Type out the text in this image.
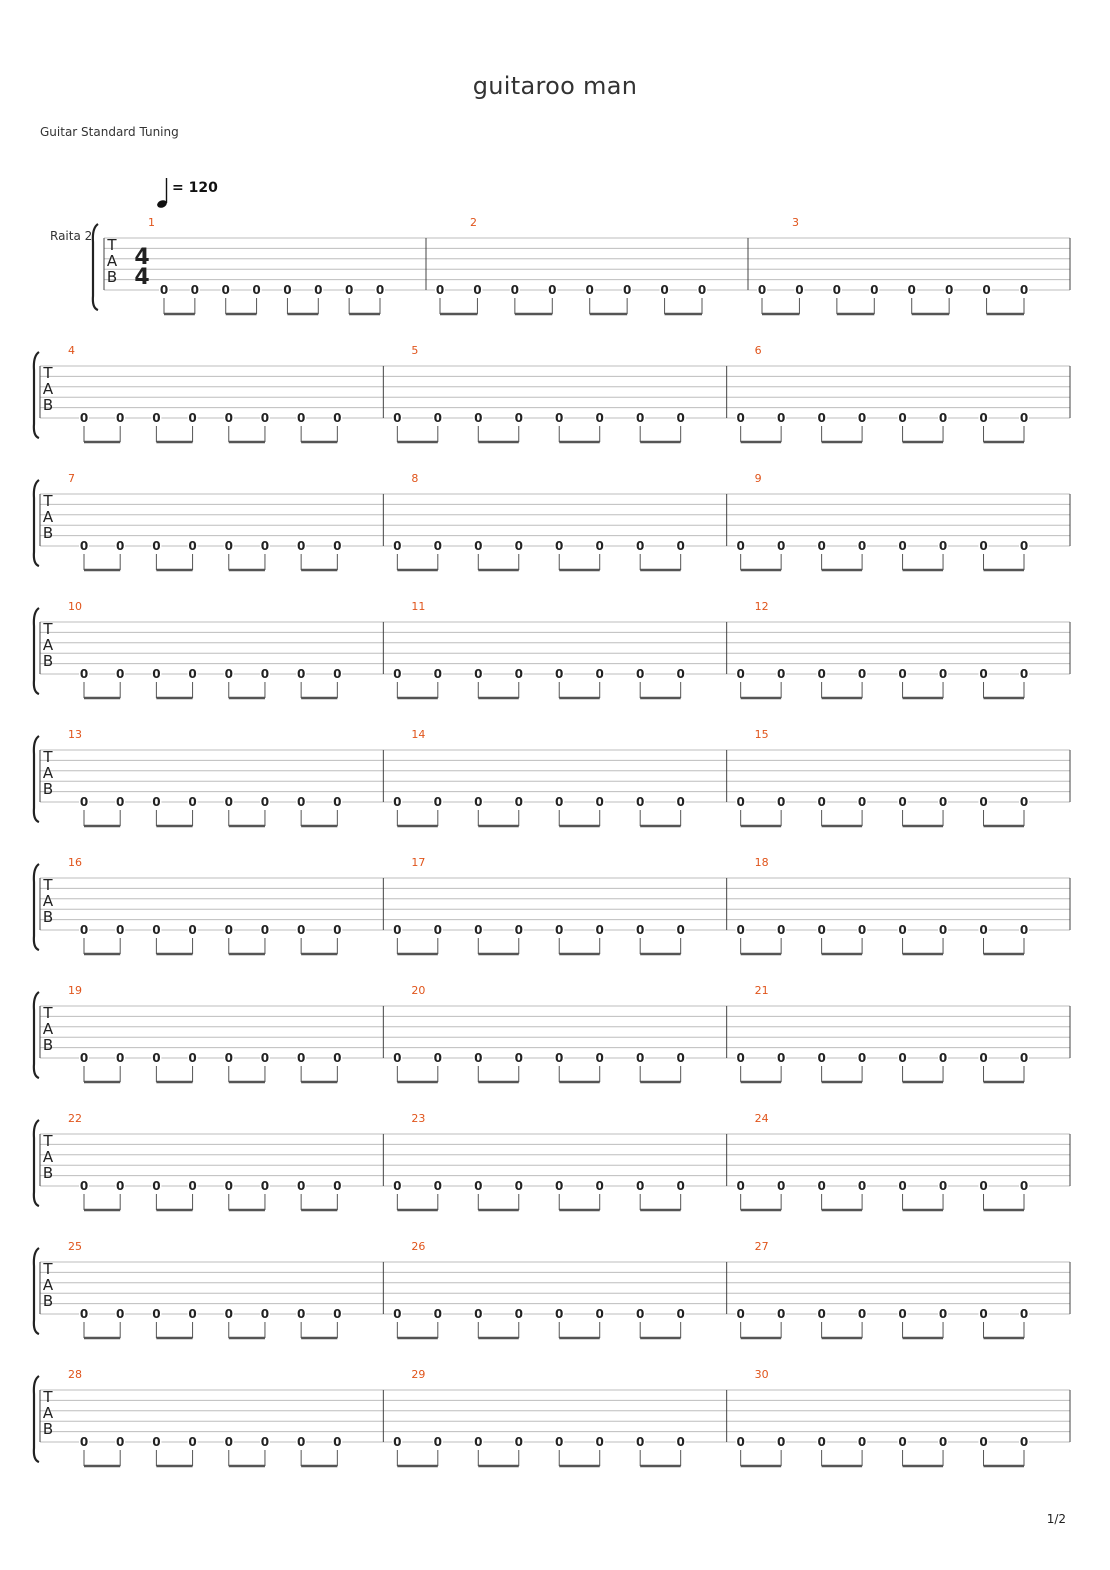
guitaroo man
Guitar Standard Tuning
= 120
T
A
B
Raita 2
4
4
1
0 0 0 0 0 0 0 0
2
0 0 0 0 0 0 0 0
3
0 0 0 0 0 0 0 0
T
A
B
4
0 0 0 0 0 0 0 0
5
0	0	0	0	0	0	0	0
6
0	0	0	0	0	0	0	0
T
A
B
7
0 0 0 0 0 0 0 0
8
0	0	0	0	0	0	0	0
9
0	0	0	0	0	0	0	0
T
A
B
10
0 0 0 0 0 0 0 0
11
0	0	0	0	0	0	0	0
12
0	0	0	0	0	0	0	0
T
A
B
13
0 0 0 0 0 0 0 0
14
0	0	0	0	0	0	0	0
15
0	0	0	0	0	0	0	0
T
A
B
16
0 0 0 0 0 0 0 0
17
0	0	0	0	0	0	0	0
18
0	0	0	0	0	0	0	0
T
A
B
19
0 0 0 0 0 0 0 0
20
0	0	0	0	0	0	0	0
21
0	0	0	0	0	0	0	0
T
A
B
22
0 0 0 0 0 0 0 0
23
0	0	0	0	0	0	0	0
24
0	0	0	0	0	0	0	0
T
A
B
25
0 0 0 0 0 0 0 0
26
0	0	0	0	0	0	0	0
27
0	0	0	0	0	0	0	0
T
A
B
28
0 0 0 0 0 0 0 0
29
0	0	0	0	0	0	0	0
30
0	0	0	0	0	0	0	0
1/2
